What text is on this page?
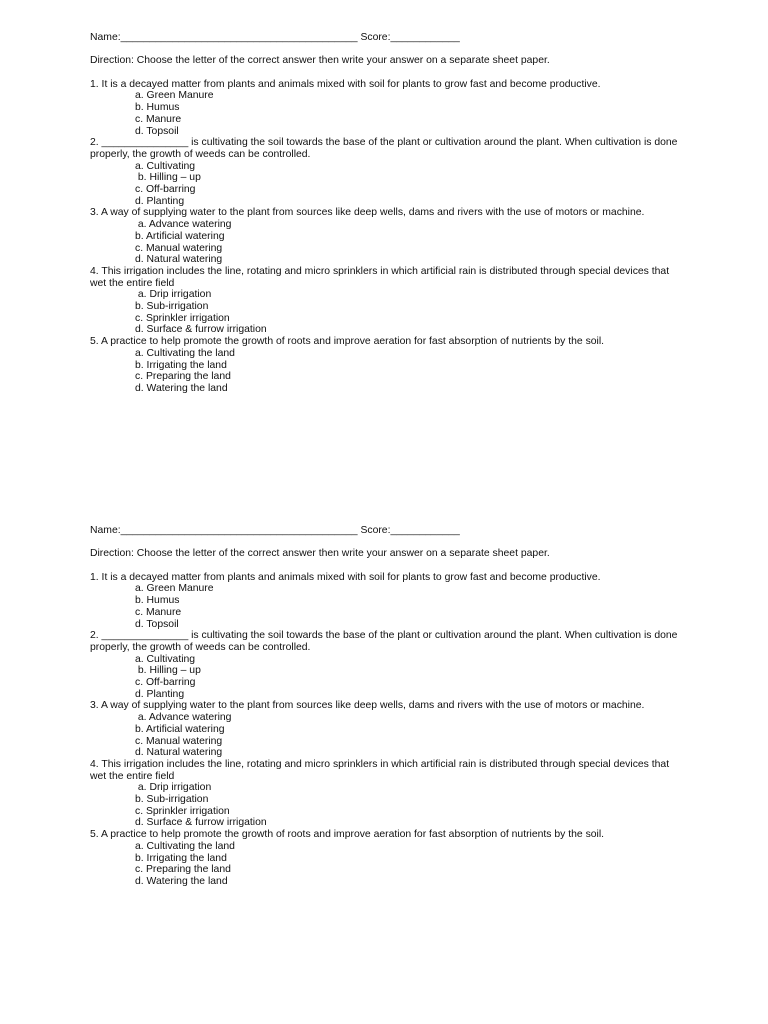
Name:_________________________________________ Score:____________
Direction: Choose the letter of the correct answer then write your answer on a separate sheet paper.
1. It is a decayed matter from plants and animals mixed with soil for plants to grow fast and become productive.
a. Green Manure
b. Humus
c. Manure
d. Topsoil
2. _______________ is cultivating the soil towards the base of the plant or cultivation around the plant. When cultivation is done properly, the growth of weeds can be controlled.
a. Cultivating
b. Hilling – up
c. Off-barring
d. Planting
3. A way of supplying water to the plant from sources like deep wells, dams and rivers with the use of motors or machine.
a. Advance watering
b. Artificial watering
c. Manual watering
d. Natural watering
4. This irrigation includes the line, rotating and micro sprinklers in which artificial rain is distributed through special devices that wet the entire field
a. Drip irrigation
b. Sub-irrigation
c. Sprinkler irrigation
d. Surface & furrow irrigation
5. A practice to help promote the growth of roots and improve aeration for fast absorption of nutrients by the soil.
a. Cultivating the land
b. Irrigating the land
c. Preparing the land
d. Watering the land
Name:_________________________________________ Score:____________
Direction: Choose the letter of the correct answer then write your answer on a separate sheet paper.
1. It is a decayed matter from plants and animals mixed with soil for plants to grow fast and become productive.
a. Green Manure
b. Humus
c. Manure
d. Topsoil
2. _______________ is cultivating the soil towards the base of the plant or cultivation around the plant. When cultivation is done properly, the growth of weeds can be controlled.
a. Cultivating
b. Hilling – up
c. Off-barring
d. Planting
3. A way of supplying water to the plant from sources like deep wells, dams and rivers with the use of motors or machine.
a. Advance watering
b. Artificial watering
c. Manual watering
d. Natural watering
4. This irrigation includes the line, rotating and micro sprinklers in which artificial rain is distributed through special devices that wet the entire field
a. Drip irrigation
b. Sub-irrigation
c. Sprinkler irrigation
d. Surface & furrow irrigation
5. A practice to help promote the growth of roots and improve aeration for fast absorption of nutrients by the soil.
a. Cultivating the land
b. Irrigating the land
c. Preparing the land
d. Watering the land
